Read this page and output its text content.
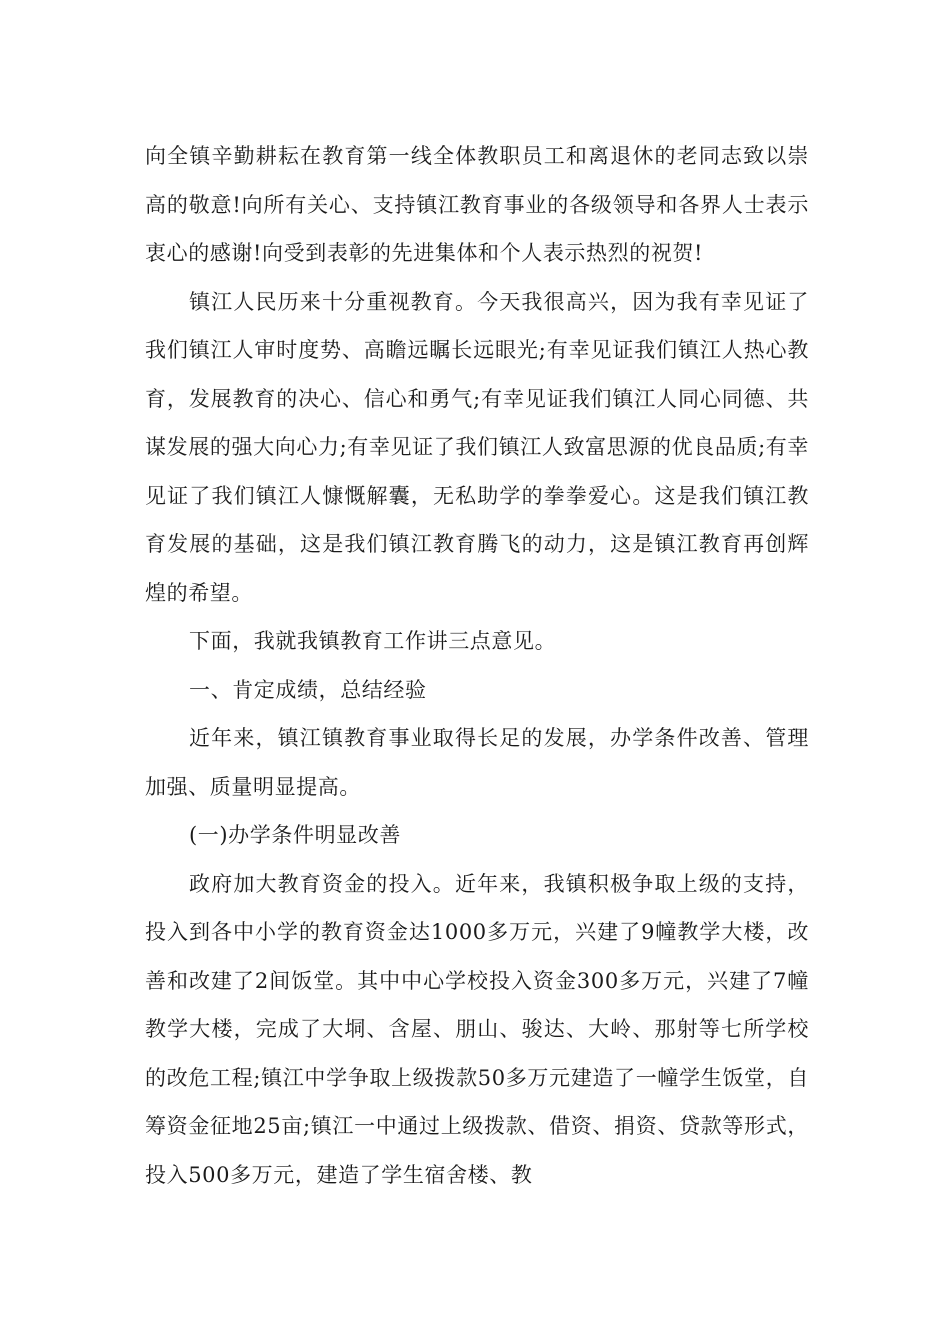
向全镇辛勤耕耘在教育第一线全体教职员工和离退休的老同志致以崇高的敬意!向所有关心、支持镇江教育事业的各级领导和各界人士表示衷心的感谢!向受到表彰的先进集体和个人表示热烈的祝贺!

镇江人民历来十分重视教育。今天我很高兴，因为我有幸见证了我们镇江人审时度势、高瞻远瞩长远眼光;有幸见证我们镇江人热心教育，发展教育的决心、信心和勇气;有幸见证我们镇江人同心同德、共谋发展的强大向心力;有幸见证了我们镇江人致富思源的优良品质;有幸见证了我们镇江人慷慨解囊，无私助学的拳拳爱心。这是我们镇江教育发展的基础，这是我们镇江教育腾飞的动力，这是镇江教育再创辉煌的希望。

下面，我就我镇教育工作讲三点意见。

一、肯定成绩，总结经验

近年来，镇江镇教育事业取得长足的发展，办学条件改善、管理加强、质量明显提高。

(一)办学条件明显改善

政府加大教育资金的投入。近年来，我镇积极争取上级的支持，投入到各中小学的教育资金达1000多万元，兴建了9幢教学大楼，改善和改建了2间饭堂。其中中心学校投入资金300多万元，兴建了7幢教学大楼，完成了大垌、含屋、朋山、骏达、大岭、那射等七所学校的改危工程;镇江中学争取上级拨款50多万元建造了一幢学生饭堂，自筹资金征地25亩;镇江一中通过上级拨款、借资、捐资、贷款等形式，投入500多万元，建造了学生宿舍楼、教
